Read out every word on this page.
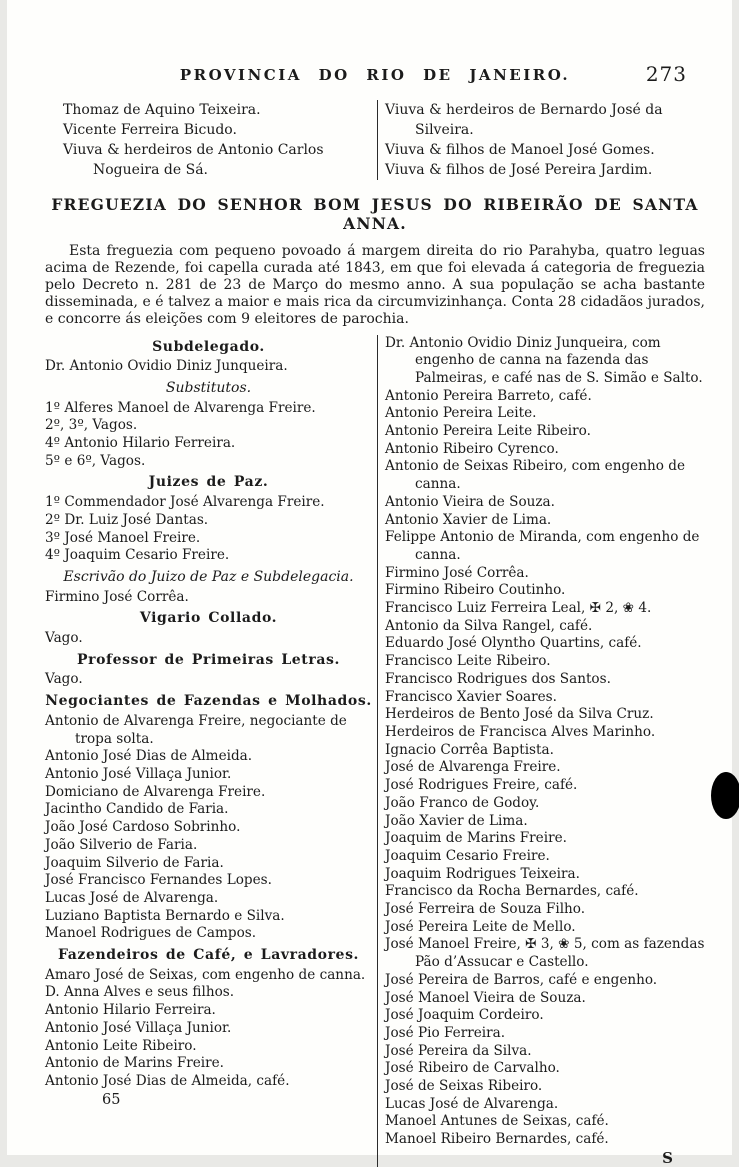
PROVINCIA DO RIO DE JANEIRO.	273
Thomaz de Aquino Teixeira.
Vicente Ferreira Bicudo.
Viuva & herdeiros de Antonio Carlos Nogueira de Sá.
Viuva & herdeiros de Bernardo José da Silveira.
Viuva & filhos de Manoel José Gomes.
Viuva & filhos de José Pereira Jardim.
FREGUEZIA DO SENHOR BOM JESUS DO RIBEIRÃO DE SANTA ANNA.

Esta freguezia com pequeno povoado á margem direita do rio Parahyba, quatro leguas acima de Rezende, foi capella curada até 1843, em que foi elevada á categoria de freguezia pelo Decreto n. 281 de 23 de Março do mesmo anno. A sua população se acha bastante disseminada, e é talvez a maior e mais rica da circumvizinhança. Conta 28 cidadãos jurados, e concorre ás eleições com 9 eleitores de parochia.

Subdelegado.
Dr. Antonio Ovidio Diniz Junqueira.
Substitutos.
1º Alferes Manoel de Alvarenga Freire.
2º, 3º, Vagos.
4º Antonio Hilario Ferreira.
5º e 6º, Vagos.
Juizes de Paz.
1º Commendador José Alvarenga Freire.
2º Dr. Luiz José Dantas.
3º José Manoel Freire.
4º Joaquim Cesario Freire.
Escrivão do Juizo de Paz e Subdelegacia.
Firmino José Corrêa.
Vigario Collado.
Vago.
Professor de Primeiras Letras.
Vago.
Negociantes de Fazendas e Molhados.
Antonio de Alvarenga Freire, negociante de tropa solta.
Antonio José Dias de Almeida.
Antonio José Villaça Junior.
Domiciano de Alvarenga Freire.
Jacintho Candido de Faria.
João José Cardoso Sobrinho.
João Silverio de Faria.
Joaquim Silverio de Faria.
José Francisco Fernandes Lopes.
Lucas José de Alvarenga.
Luziano Baptista Bernardo e Silva.
Manoel Rodrigues de Campos.
Fazendeiros de Café, e Lavradores.
Amaro José de Seixas, com engenho de canna.
D. Anna Alves e seus filhos.
Antonio Hilario Ferreira.
Antonio José Villaça Junior.
Antonio Leite Ribeiro.
Antonio de Marins Freire.
Antonio José Dias de Almeida, café.
65
Dr. Antonio Ovidio Diniz Junqueira, com engenho de canna na fazenda das Palmeiras, e café nas de S. Simão e Salto.
Antonio Pereira Barreto, café.
Antonio Pereira Leite.
Antonio Pereira Leite Ribeiro.
Antonio Ribeiro Cyrenco.
Antonio de Seixas Ribeiro, com engenho de canna.
Antonio Vieira de Souza.
Antonio Xavier de Lima.
Felippe Antonio de Miranda, com engenho de canna.
Firmino José Corrêa.
Firmino Ribeiro Coutinho.
Francisco Luiz Ferreira Leal, ✠ 2, ❀ 4.
Antonio da Silva Rangel, café.
Eduardo José Olyntho Quartins, café.
Francisco Leite Ribeiro.
Francisco Rodrigues dos Santos.
Francisco Xavier Soares.
Herdeiros de Bento José da Silva Cruz.
Herdeiros de Francisca Alves Marinho.
Ignacio Corrêa Baptista.
José de Alvarenga Freire.
José Rodrigues Freire, café.
João Franco de Godoy.
João Xavier de Lima.
Joaquim de Marins Freire.
Joaquim Cesario Freire.
Joaquim Rodrigues Teixeira.
Francisco da Rocha Bernardes, café.
José Ferreira de Souza Filho.
José Pereira Leite de Mello.
José Manoel Freire, ✠ 3, ❀ 5, com as fazendas Pão d’Assucar e Castello.
José Pereira de Barros, café e engenho.
José Manoel Vieira de Souza.
José Joaquim Cordeiro.
José Pio Ferreira.
José Pereira da Silva.
José Ribeiro de Carvalho.
José de Seixas Ribeiro.
Lucas José de Alvarenga.
Manoel Antunes de Seixas, café.
Manoel Ribeiro Bernardes, café.
S
